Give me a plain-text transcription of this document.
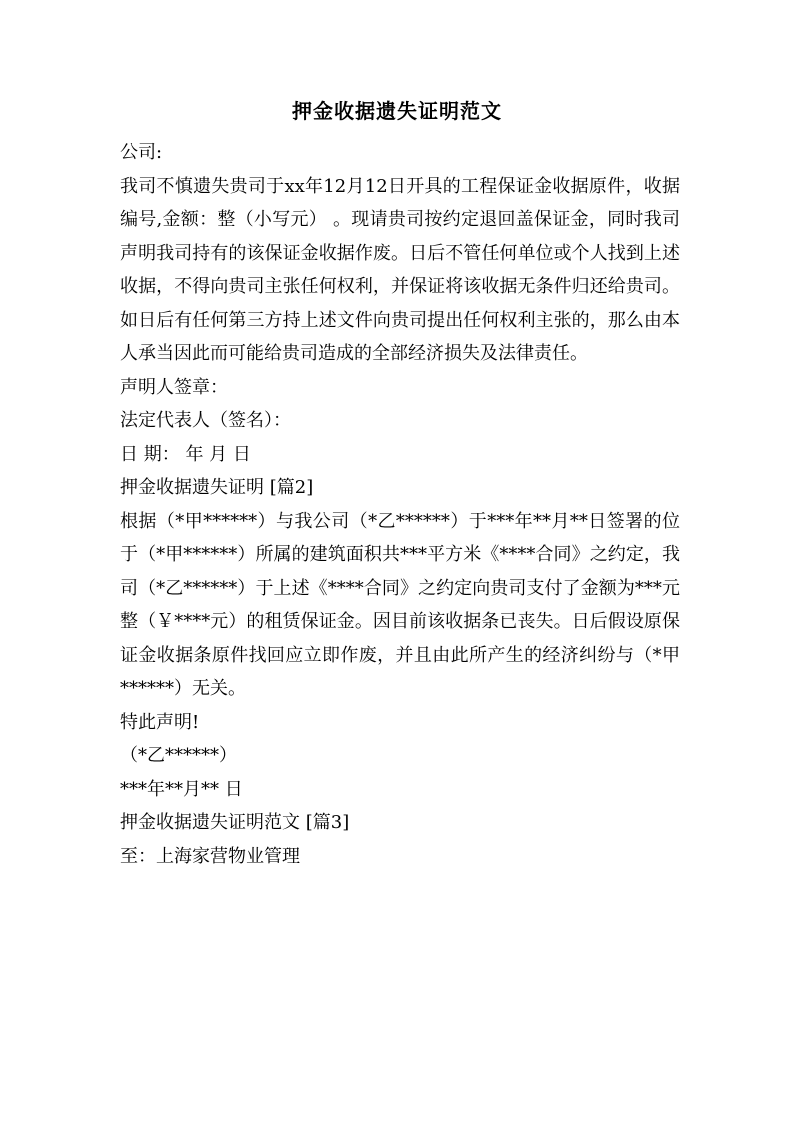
押金收据遗失证明范文

公司:

我司不慎遗失贵司于xx年12月12日开具的工程保证金收据原件，收据编号,金额：整（小写元） 。现请贵司按约定退回盖保证金，同时我司声明我司持有的该保证金收据作废。日后不管任何单位或个人找到上述收据，不得向贵司主张任何权利，并保证将该收据无条件归还给贵司。如日后有任何第三方持上述文件向贵司提出任何权利主张的，那么由本人承当因此而可能给贵司造成的全部经济损失及法律责任。

声明人签章：

法定代表人（签名）：

日 期： 年 月 日

押金收据遗失证明 [篇2]

根据（*甲******）与我公司（*乙******）于***年**月**日签署的位于（*甲******）所属的建筑面积共***平方米《****合同》之约定，我司（*乙******）于上述《****合同》之约定向贵司支付了金额为***元整（￥****元）的租赁保证金。因目前该收据条已丧失。日后假设原保证金收据条原件找回应立即作废，并且由此所产生的经济纠纷与（*甲******）无关。

特此声明!

（*乙******）

***年**月** 日

押金收据遗失证明范文 [篇3]

至：上海家营物业管理
